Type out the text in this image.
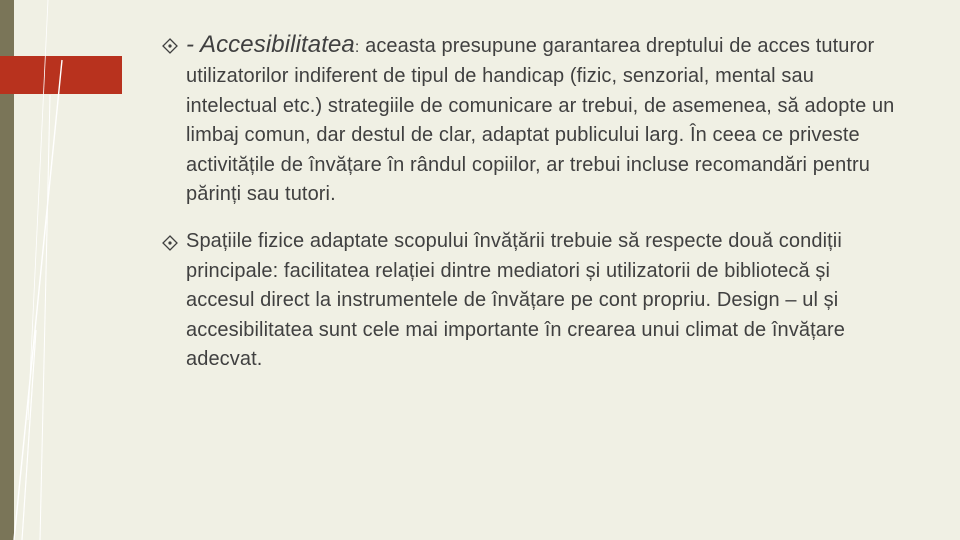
- Accesibilitatea: aceasta presupune garantarea dreptului de acces tuturor utilizatorilor indiferent de tipul de handicap (fizic, senzorial, mental sau intelectual etc.) strategiile de comunicare ar trebui, de asemenea, să adopte un limbaj comun, dar destul de clar, adaptat publicului larg. În ceea ce priveste activitățile de învățare în rândul copiilor, ar trebui incluse recomandări pentru părinți sau tutori.
Spațiile fizice adaptate scopului învățării trebuie să respecte două condiții principale: facilitatea relației dintre mediatori și utilizatorii de bibliotecă și accesul direct la instrumentele de învățare pe cont propriu. Design – ul și accesibilitatea sunt cele mai importante în crearea unui climat de învățare adecvat.
